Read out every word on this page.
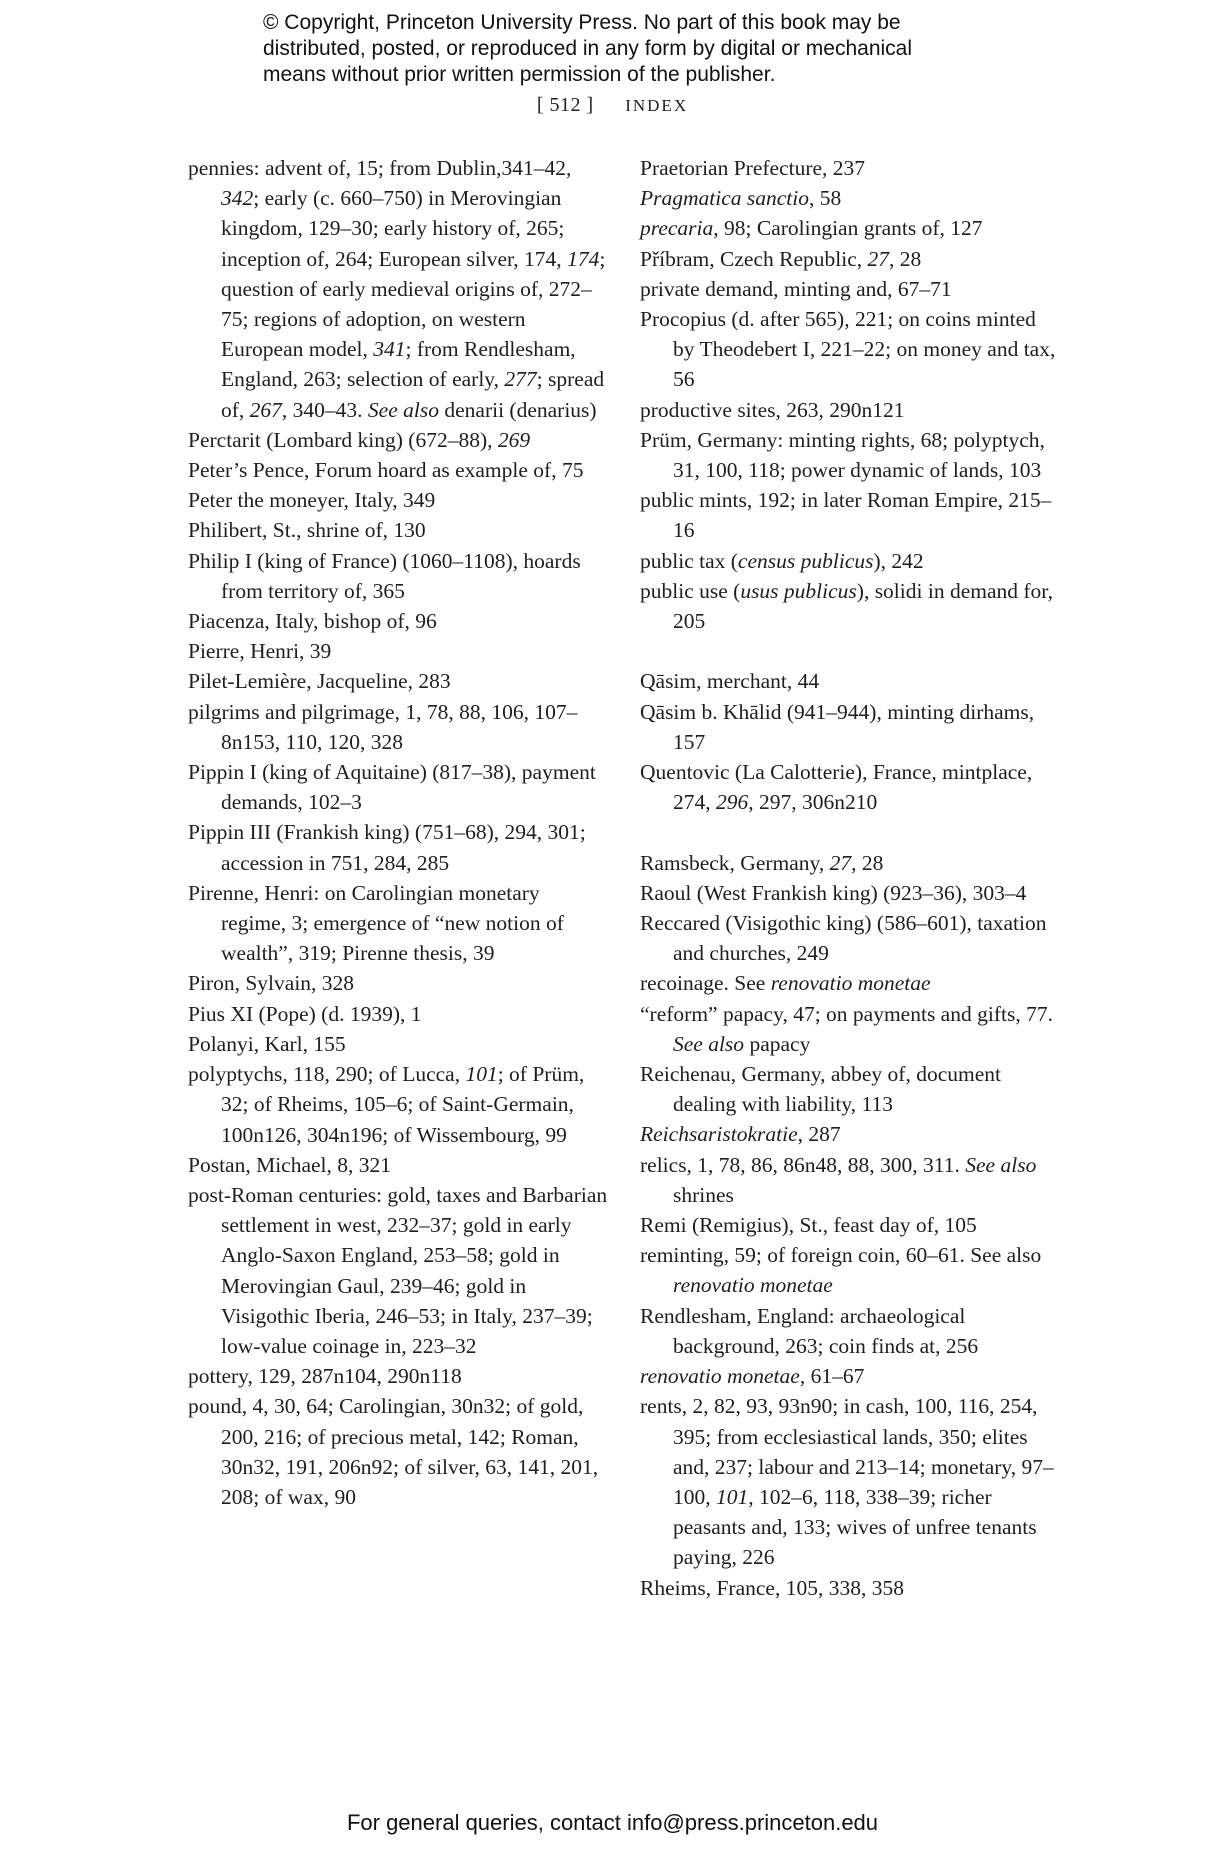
© Copyright, Princeton University Press. No part of this book may be
distributed, posted, or reproduced in any form by digital or mechanical
means without prior written permission of the publisher.
[ 512 ] INDEX
pennies: advent of, 15; from Dublin,341–42, 342; early (c. 660–750) in Merovingian kingdom, 129–30; early history of, 265; inception of, 264; European silver, 174, 174; question of early medieval origins of, 272–75; regions of adoption, on western European model, 341; from Rendlesham, England, 263; selection of early, 277; spread of, 267, 340–43. See also denarii (denarius)
Perctarit (Lombard king) (672–88), 269
Peter’s Pence, Forum hoard as example of, 75
Peter the moneyer, Italy, 349
Philibert, St., shrine of, 130
Philip I (king of France) (1060–1108), hoards from territory of, 365
Piacenza, Italy, bishop of, 96
Pierre, Henri, 39
Pilet-Lemière, Jacqueline, 283
pilgrims and pilgrimage, 1, 78, 88, 106, 107–8n153, 110, 120, 328
Pippin I (king of Aquitaine) (817–38), payment demands, 102–3
Pippin III (Frankish king) (751–68), 294, 301; accession in 751, 284, 285
Pirenne, Henri: on Carolingian monetary regime, 3; emergence of “new notion of wealth”, 319; Pirenne thesis, 39
Piron, Sylvain, 328
Pius XI (Pope) (d. 1939), 1
Polanyi, Karl, 155
polyptychs, 118, 290; of Lucca, 101; of Prüm, 32; of Rheims, 105–6; of Saint-Germain, 100n126, 304n196; of Wissembourg, 99
Postan, Michael, 8, 321
post-Roman centuries: gold, taxes and Barbarian settlement in west, 232–37; gold in early Anglo-Saxon England, 253–58; gold in Merovingian Gaul, 239–46; gold in Visigothic Iberia, 246–53; in Italy, 237–39; low-value coinage in, 223–32
pottery, 129, 287n104, 290n118
pound, 4, 30, 64; Carolingian, 30n32; of gold, 200, 216; of precious metal, 142; Roman, 30n32, 191, 206n92; of silver, 63, 141, 201, 208; of wax, 90
Praetorian Prefecture, 237
Pragmatica sanctio, 58
precaria, 98; Carolingian grants of, 127
Příbram, Czech Republic, 27, 28
private demand, minting and, 67–71
Procopius (d. after 565), 221; on coins minted by Theodebert I, 221–22; on money and tax, 56
productive sites, 263, 290n121
Prüm, Germany: minting rights, 68; polyptych, 31, 100, 118; power dynamic of lands, 103
public mints, 192; in later Roman Empire, 215–16
public tax (census publicus), 242
public use (usus publicus), solidi in demand for, 205
Qāsim, merchant, 44
Qāsim b. Khālid (941–944), minting dirhams, 157
Quentovic (La Calotterie), France, mintplace, 274, 296, 297, 306n210
Ramsbeck, Germany, 27, 28
Raoul (West Frankish king) (923–36), 303–4
Reccared (Visigothic king) (586–601), taxation and churches, 249
recoinage. See renovatio monetae
“reform” papacy, 47; on payments and gifts, 77. See also papacy
Reichenau, Germany, abbey of, document dealing with liability, 113
Reichsaristokratie, 287
relics, 1, 78, 86, 86n48, 88, 300, 311. See also shrines
Remi (Remigius), St., feast day of, 105
reminting, 59; of foreign coin, 60–61. See also renovatio monetae
Rendlesham, England: archaeological background, 263; coin finds at, 256
renovatio monetae, 61–67
rents, 2, 82, 93, 93n90; in cash, 100, 116, 254, 395; from ecclesiastical lands, 350; elites and, 237; labour and 213–14; monetary, 97–100, 101, 102–6, 118, 338–39; richer peasants and, 133; wives of unfree tenants paying, 226
Rheims, France, 105, 338, 358
For general queries, contact info@press.princeton.edu
